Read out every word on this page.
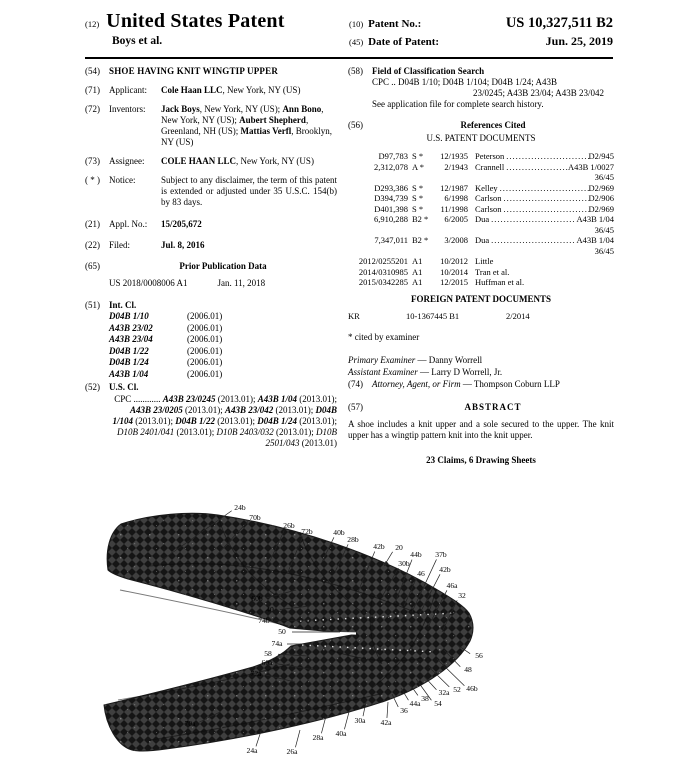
(12) United States Patent
Boys et al.
(10) Patent No.:	US 10,327,511 B2
(45) Date of Patent:	Jun. 25, 2019
(54)	SHOE HAVING KNIT WINGTIP UPPER
(71)	Applicant:	Cole Haan LLC, New York, NY (US)
(72)	Inventors:	Jack Boys, New York, NY (US); Ann Bono, New York, NY (US); Aubert Shepherd, Greenland, NH (US); Mattias Verfl, Brooklyn, NY (US)
(73)	Assignee:	COLE HAAN LLC, New York, NY (US)
( * )	Notice:	Subject to any disclaimer, the term of this patent is extended or adjusted under 35 U.S.C. 154(b) by 83 days.
(21)	Appl. No.:	15/205,672
(22)	Filed:	Jul. 8, 2016
(65)	Prior Publication Data
US 2018/0008006 A1	Jan. 11, 2018
(51)	Int. Cl.
D04B 1/10	(2006.01)
A43B 23/02	(2006.01)
A43B 23/04	(2006.01)
D04B 1/22	(2006.01)
D04B 1/24	(2006.01)
A43B 1/04	(2006.01)
(52)	U.S. Cl.
CPC ............ A43B 23/0245 (2013.01); A43B 1/04 (2013.01); A43B 23/0205 (2013.01); A43B 23/042 (2013.01); D04B 1/104 (2013.01); D04B 1/22 (2013.01); D04B 1/24 (2013.01); D10B 2401/041 (2013.01); D10B 2403/032 (2013.01); D10B 2501/043 (2013.01)
(58)	Field of Classification Search
CPC .. D04B 1/10; D04B 1/104; D04B 1/24; A43B
23/0245; A43B 23/04; A43B 23/042
See application file for complete search history.
(56)	References Cited
U.S. PATENT DOCUMENTS
D97,783 S *	12/1935 Peterson .....	D2/945
2,312,078 A *	2/1943 Crannell .....	A43B 1/0027
36/45
D293,386 S *	12/1987 Kelley .....	D2/969
D394,739 S *	6/1998 Carlson .....	D2/906
D401,398 S *	11/1998 Carlson .....	D2/969
6,910,288 B2 *	6/2005 Dua .....	A43B 1/04
36/45
7,347,011 B2 *	3/2008 Dua .....	A43B 1/04
36/45
2012/0255201 A1	10/2012 Little
2014/0310985 A1	10/2014 Tran et al.
2015/0342285 A1	12/2015 Huffman et al.
FOREIGN PATENT DOCUMENTS
KR	10-1367445 B1	2/2014
* cited by examiner
Primary Examiner — Danny Worrell
Assistant Examiner — Larry D Worrell, Jr.
(74)	Attorney, Agent, or Firm — Thompson Coburn LLP
(57)	ABSTRACT
A shoe includes a knit upper and a sole secured to the upper. The knit upper has a wingtip pattern knit into the knit upper.
23 Claims, 6 Drawing Sheets
24b
70b
26b
72b	40b
28b
42b 20
30b
44b 37b
46 42b
46a
32
60b
40
74b
50
74a
58
60a
72a
70a
24a	26a
28a 40a
30a 42a
36
44a
38
54
32a 52 46b
48
56
